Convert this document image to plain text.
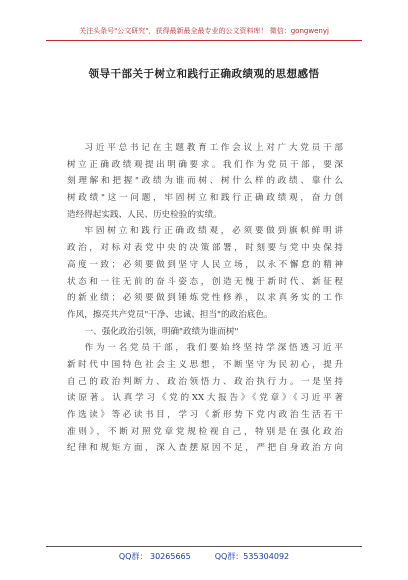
关注头条号"公文研究"，获得最新最全最专业的公文资料库！ 微信：gongwenyj
领导干部关于树立和践行正确政绩观的思想感悟
习近平总书记在主题教育工作会议上对广大党员干部
树立正确政绩观提出明确要求。我们作为党员干部，要深
刻理解和把握"政绩为谁而树、树什么样的政绩、靠什么
树政绩"这一问题，牢固树立和践行正确政绩观，奋力创
造经得起实践、人民、历史检验的实绩。
牢固树立和践行正确政绩观，必须要做到旗帜鲜明讲
政治，对标对表党中央的决策部署，时刻要与党中央保持
高度一致；必须要做到坚守人民立场，以永不懈怠的精神
状态和一往无前的奋斗姿态，创造无愧于新时代、新征程
的新业绩；必须要做到锤炼党性修养，以求真务实的工作
作风，擦亮共产党员"干净、忠诚、担当"的政治底色。
一、强化政治引领，明确"政绩为谁而树"
作为一名党员干部，我们要始终坚持学深悟透习近平
新时代中国特色社会主义思想，不断坚守为民初心，提升
自己的政治判断力、政治领悟力、政治执行力。一是坚持
读原著。认真学习《党的XX大报告》《党章》《习近平著
作选读》等必读书目，学习《新形势下党内政治生活若干
准则》，不断对照党章党规检视自己，特别是在强化政治
纪律和规矩方面，深入查摆原因不足，严把自身政治方向
QQ群： 30265665	QQ群：535304092
